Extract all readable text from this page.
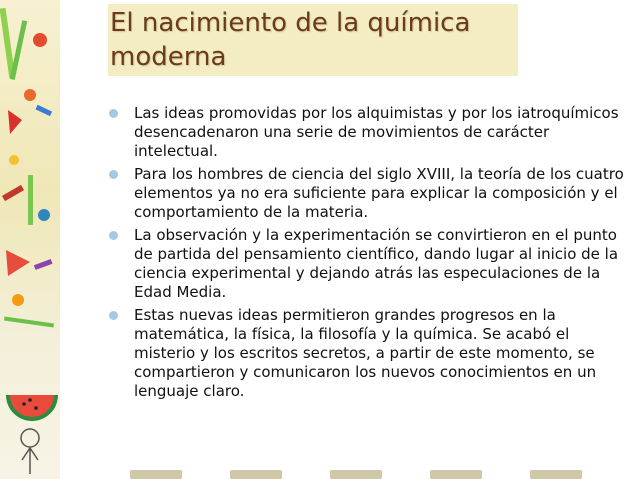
El nacimiento de la química
moderna
Las ideas promovidas por los alquimistas y por los iatroquímicos desencadenaron una serie de movimientos de carácter intelectual.
Para los hombres de ciencia del siglo XVIII, la teoría de los cuatro elementos ya no era suficiente para explicar la composición y el comportamiento de la materia.
La observación y la experimentación se convirtieron en el punto de partida del pensamiento científico, dando lugar al inicio de la ciencia experimental y dejando atrás las especulaciones de la Edad Media.
Estas nuevas ideas permitieron grandes progresos en la matemática, la física, la filosofía y la química. Se acabó el misterio y los escritos secretos, a partir de este momento, se compartieron y comunicaron los nuevos conocimientos en un lenguaje claro.
